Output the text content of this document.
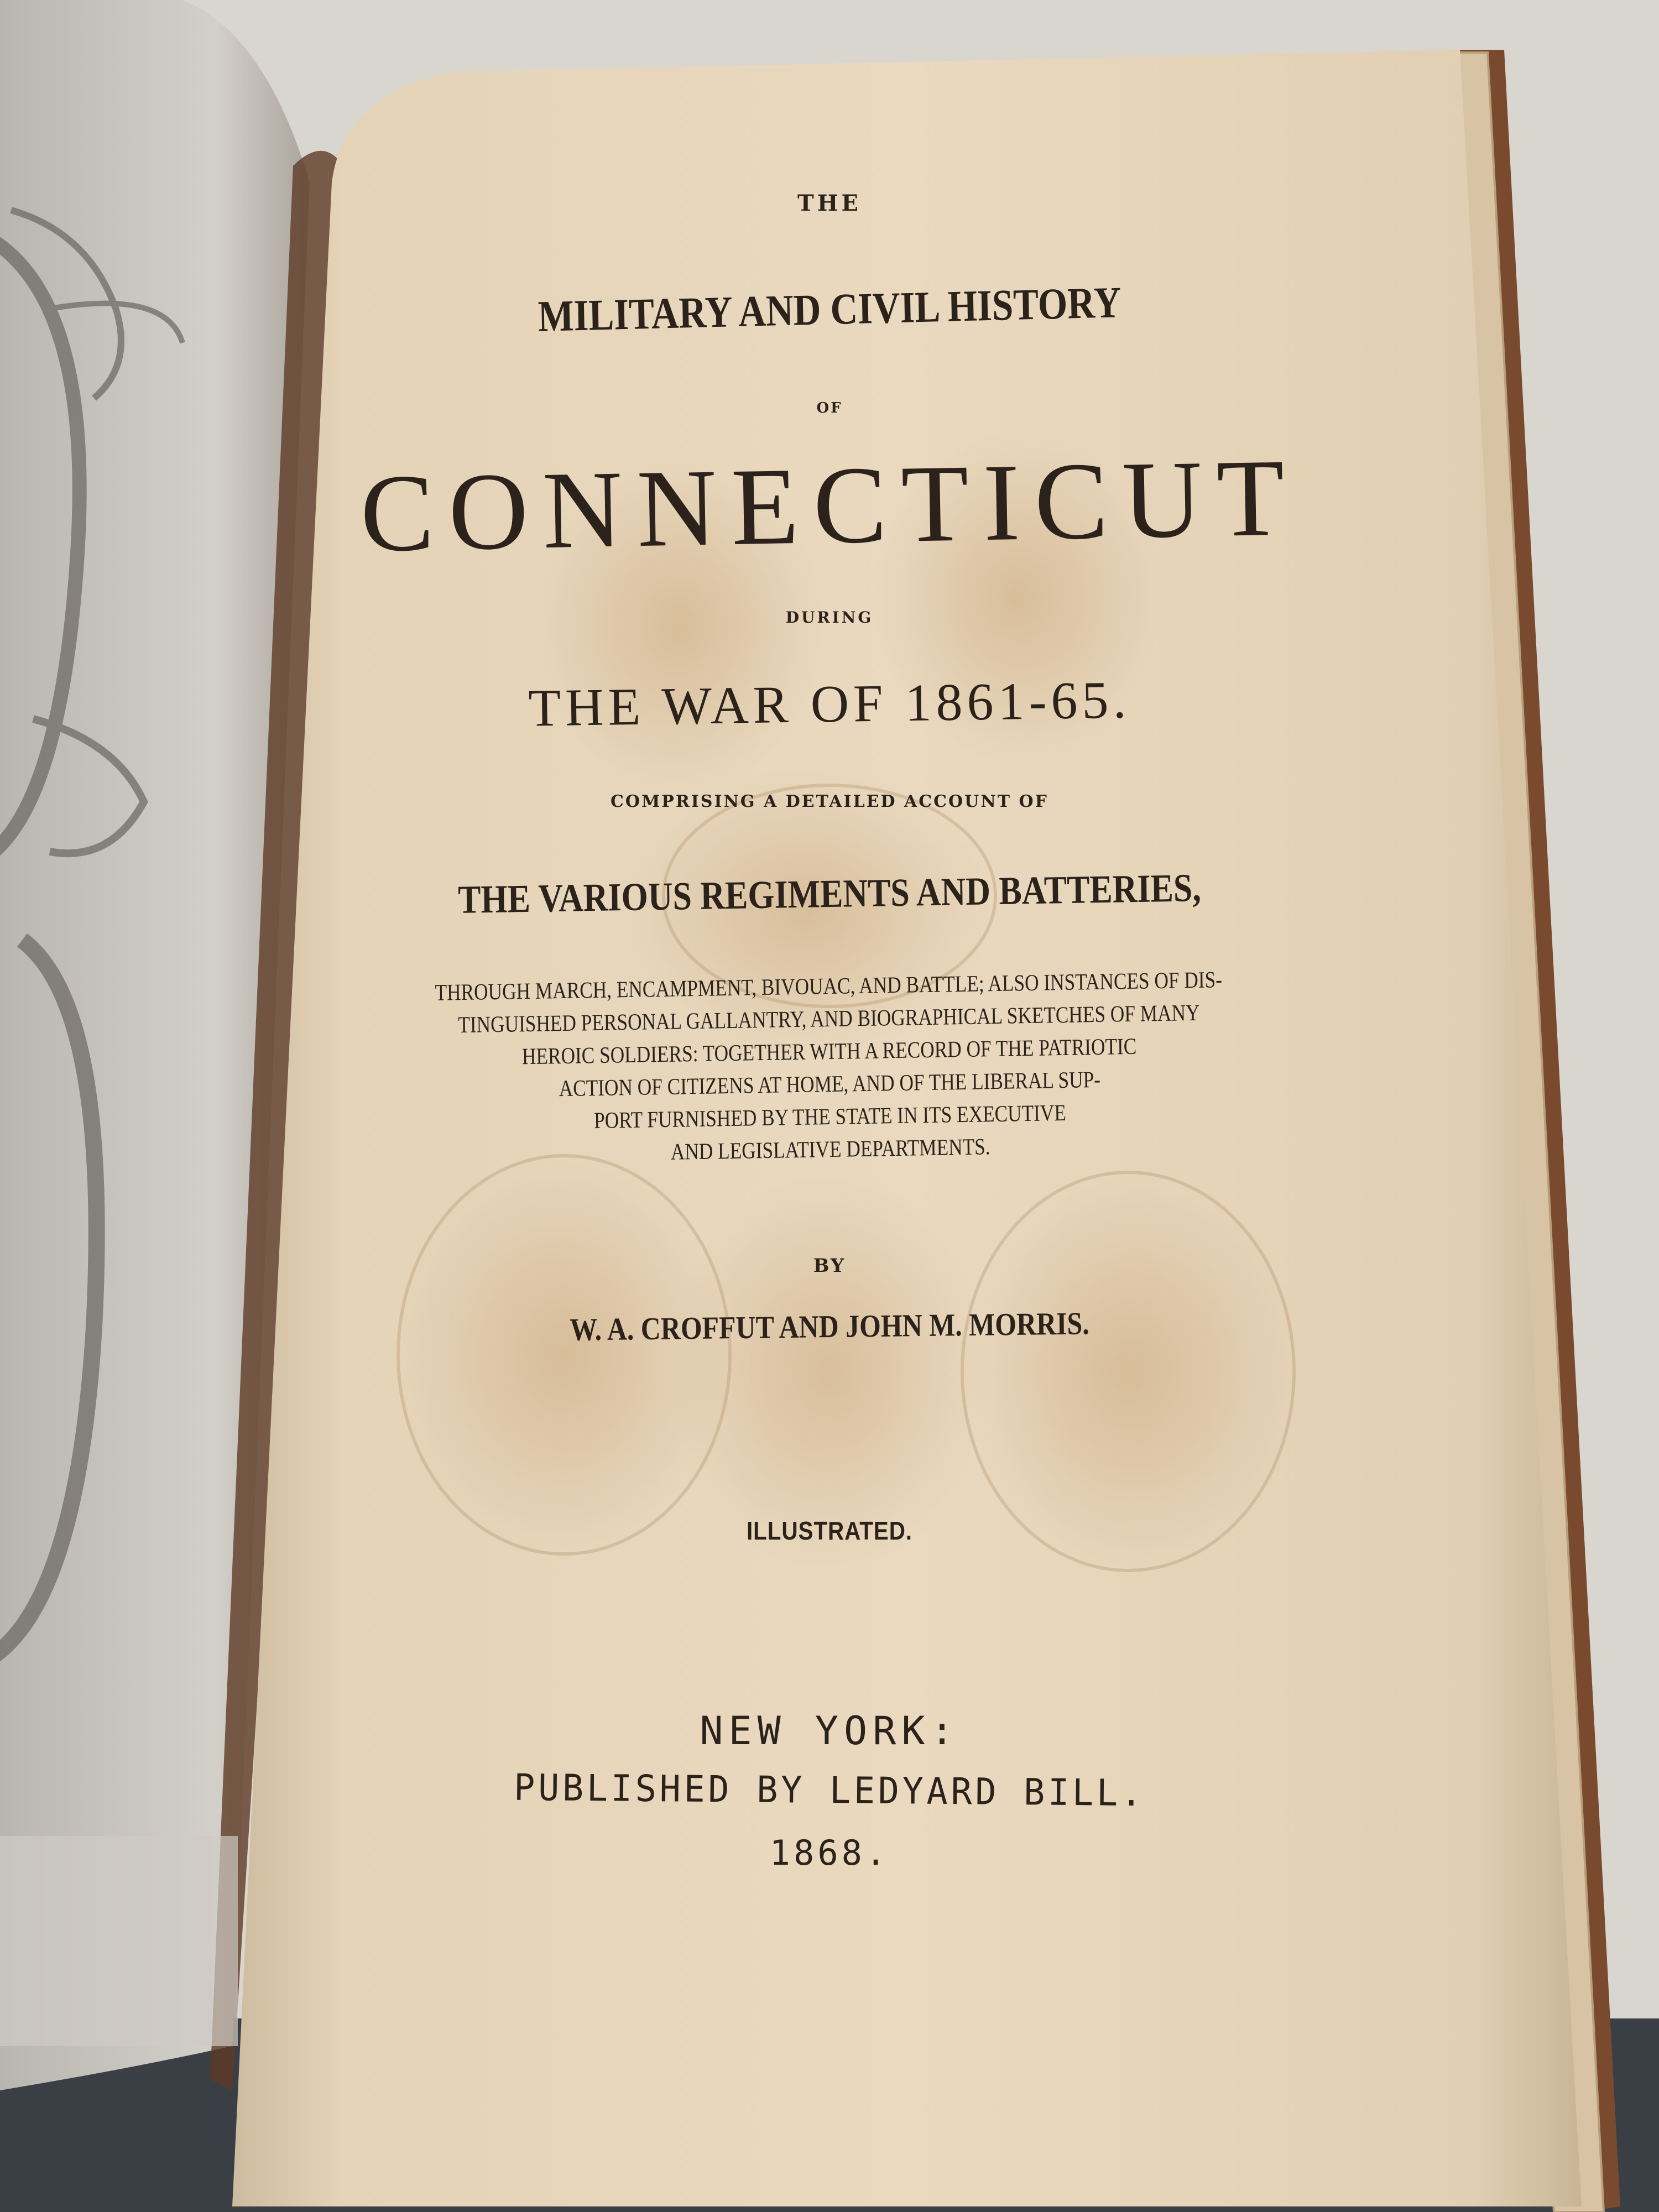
THE
MILITARY AND CIVIL HISTORY
OF
CONNECTICUT
DURING
THE WAR OF 1861-65.
COMPRISING A DETAILED ACCOUNT OF
THE VARIOUS REGIMENTS AND BATTERIES,
THROUGH MARCH, ENCAMPMENT, BIVOUAC, AND BATTLE; ALSO INSTANCES OF DIS-
TINGUISHED PERSONAL GALLANTRY, AND BIOGRAPHICAL SKETCHES OF MANY
HEROIC SOLDIERS: TOGETHER WITH A RECORD OF THE PATRIOTIC
ACTION OF CITIZENS AT HOME, AND OF THE LIBERAL SUP-
PORT FURNISHED BY THE STATE IN ITS EXECUTIVE
AND LEGISLATIVE DEPARTMENTS.
BY
W. A. CROFFUT AND JOHN M. MORRIS.
ILLUSTRATED.
NEW YORK:
PUBLISHED BY LEDYARD BILL.
1868.
